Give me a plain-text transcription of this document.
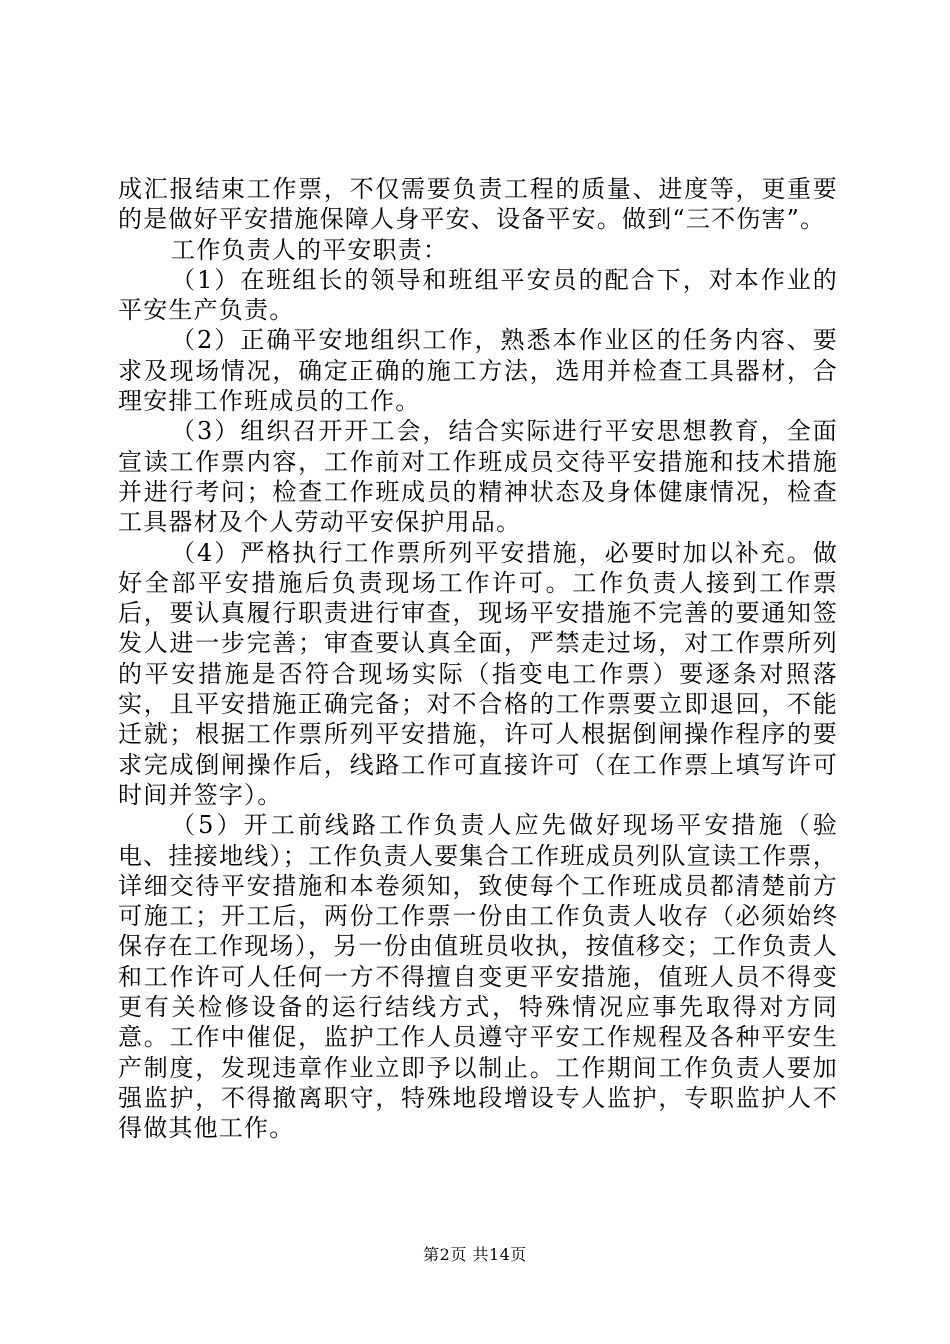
成汇报结束工作票，不仅需要负责工程的质量、进度等，更重要的是做好平安措施保障人身平安、设备平安。做到“三不伤害”。

工作负责人的平安职责：

（1）在班组长的领导和班组平安员的配合下，对本作业的平安生产负责。

（2）正确平安地组织工作，熟悉本作业区的任务内容、要求及现场情况，确定正确的施工方法，选用并检查工具器材，合理安排工作班成员的工作。

（3）组织召开开工会，结合实际进行平安思想教育，全面宣读工作票内容，工作前对工作班成员交待平安措施和技术措施并进行考问；检查工作班成员的精神状态及身体健康情况，检查工具器材及个人劳动平安保护用品。

（4）严格执行工作票所列平安措施，必要时加以补充。做好全部平安措施后负责现场工作许可。工作负责人接到工作票后，要认真履行职责进行审查，现场平安措施不完善的要通知签发人进一步完善；审查要认真全面，严禁走过场，对工作票所列的平安措施是否符合现场实际（指变电工作票）要逐条对照落实，且平安措施正确完备；对不合格的工作票要立即退回，不能迁就；根据工作票所列平安措施，许可人根据倒闸操作程序的要求完成倒闸操作后，线路工作可直接许可（在工作票上填写许可时间并签字）。

（5）开工前线路工作负责人应先做好现场平安措施（验电、挂接地线）；工作负责人要集合工作班成员列队宣读工作票，详细交待平安措施和本卷须知，致使每个工作班成员都清楚前方可施工；开工后，两份工作票一份由工作负责人收存（必须始终保存在工作现场），另一份由值班员收执，按值移交；工作负责人和工作许可人任何一方不得擅自变更平安措施，值班人员不得变更有关检修设备的运行结线方式，特殊情况应事先取得对方同意。工作中催促，监护工作人员遵守平安工作规程及各种平安生产制度，发现违章作业立即予以制止。工作期间工作负责人要加强监护，不得撤离职守，特殊地段增设专人监护，专职监护人不得做其他工作。

第2页 共14页
